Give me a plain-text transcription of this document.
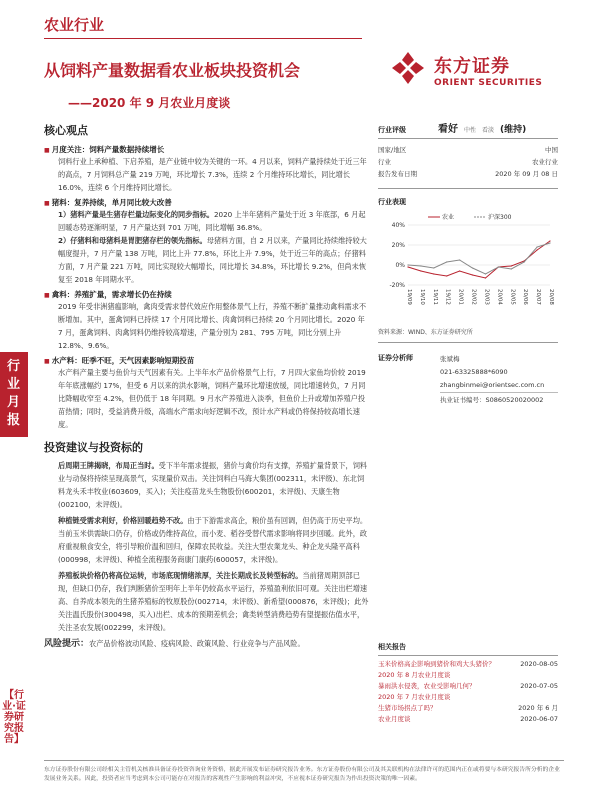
农业行业
从饲料产量数据看农业板块投资机会
——2020 年 9 月农业月度谈
东方证券
ORIENT SECURITIES
行业月报
【行业·证券研究报告】
核心观点
■ 月度关注：饲料产量数据持续增长
饲料行业上承种植、下启养殖，是产业链中较为关键的一环。4 月以来，饲料产量持续处于近三年的高点，7 月饲料总产量 219 万吨，环比增长 7.3%，连续 2 个月维持环比增长，同比增长 16.0%，连续 6 个月维持同比增长。
■ 猪料：复养持续，单月同比较大改善
1）猪料产量是生猪存栏量边际变化的同步指标。2020 上半年猪料产量处于近 3 年底部，6 月起回暖态势逐渐明显，7 月产量达到 701 万吨，同比增幅 36.8%。
2）仔猪料和母猪料是胃肥猪存栏的领先指标。母猪料方面，自 2 月以来，产量同比持续维持较大幅度提升，7 月产量 138 万吨，同比上升 77.8%，环比上升 7.9%，处于近三年的高点；仔猪料方面，7 月产量 221 万吨，同比实现较大幅增长，同比增长 34.8%，环比增长 9.2%，但尚未恢复至 2018 年同期水平。
■ 禽料：养殖扩量，需求增长仍在持续
2019 年受非洲猪瘟影响，禽肉受需求替代效应作用整体景气上行，养殖不断扩量推动禽料需求不断增加。其中，蛋禽饲料已持续 17 个月同比增长、肉禽饲料已持续 20 个月同比增长。2020 年 7 月，蛋禽饲料、肉禽饲料仍维持较高增速，产量分别为 281、795 万吨，同比分别上升 12.8%、9.6%。
■ 水产料：旺季不旺，天气因素影响短期投苗
水产料产量主要与鱼价与天气因素有关。上半年水产品价格景气上行，7 月四大家鱼均价较 2019 年年底涨幅约 17%，但受 6 月以来的洪水影响，饲料产量环比增速放缓，同比增速转负，7 月同比降幅收窄至 4.2%，但仍低于 18 年同期。9 月水产养殖进入淡季，但鱼价上升或增加养殖户投苗热情；同时，受益消费升级，高端水产需求向好逻辑不改，预计水产料或仍将保持较高增长速度。
投资建议与投资标的
后周期王牌揭晓，布局正当时。受下半年需求提振，猪价与禽价均有支撑，养殖扩量背景下，饲料业与动保将持续呈现高景气，实现量价双击。关注饲料白马海大集团(002311，未评级)、东北饲料龙头禾丰牧业(603609，买入)；关注疫苗龙头生物股份(600201，未评级)、天康生物(002100，未评级)。
种植链受需求利好，价格回暖趋势不改。由于下游需求高企，粮价虽有回调，但仍高于历史平均。当前玉米供需缺口仍存，价格或仍维持高位，而小麦、稻谷受替代需求影响将同步回暖。此外，政府重视粮食安全，将引导粮价温和回归，保障农民收益。关注大型农業龙头、种企龙头隆平高科(000998，未评级)、种植全流程服务商康门康药(600057，未评级)。
养殖板块价格仍将高位运转，市场底现情绪浓厚，关注长期成长及转型标的。当前猪周期顶部已现，但缺口仍存，我们判断猪价至明年上半年仍较高水平运行，养殖盈利依旧可观。关注出栏增速高、自养成本领先的生猪养殖标的牧原股份(002714，未评级)、新希望(000876，未评级)；此外关注温氏股份(300498，买入)出栏、成本的预期差机会；禽类转型消费趋势有望提振估值水平，关注圣农发展(002299，未评级)。
风险提示：农产品价格波动风险、疫病风险、政策风险、行业竞争与产品风险。
行业评级	看好 中性 看淡 (维持)
国家/地区	中国
行业	农业行业
报告发布日期	2020 年 09 月 08 日
行业表现
40%
20%
0%
-20%
19/09 19/10 19/11 19/12 20/01 20/02 20/03 20/04 20/05 20/06 20/07 20/08
农业	沪深300
资料来源：WIND、东方证券研究所
证券分析师	张斌梅
021-63325888*6090
zhangbinmei@orientsec.com.cn
执业证书编号：S0860520020002
相关报告
玉米价格高企影响到猪价和鸡大头猪价？	2020-08-05
2020 年 8 月农业月度谈
暴雨洪水侵袭，农业受影响几何？	2020-07-05
2020 年 7 月农业月度谈
生猪市场拐点了吗？	2020 年 6 月
农业月度谈	2020-06-07
东方证券股份有限公司经相关主管机关核准具备证券投资咨询业务资格，据此开展发布证券研究报告业务。东方证券股份有限公司及其关联机构在法律许可的范围内正在或将要与本研究报告所分析的企业发展业务关系。因此，投资者应当考虑到本公司可能存在对报告的客观性产生影响的利益冲突，不应视本证券研究报告为作出投资决策的唯一因素。
